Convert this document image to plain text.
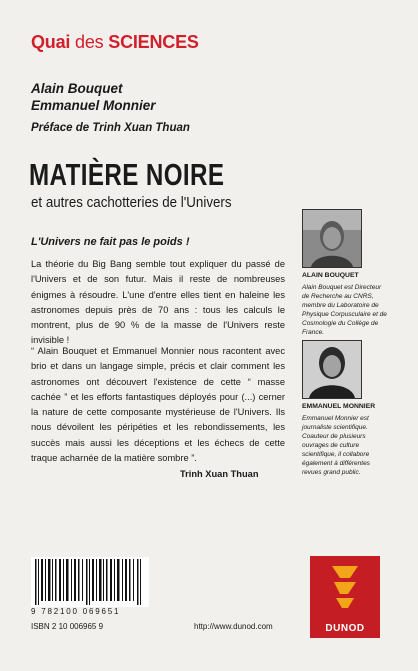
Quai des SCIENCES
Alain Bouquet
Emmanuel Monnier
Préface de Trinh Xuan Thuan
MATIÈRE NOIRE
et autres cachotteries de l'Univers
L'Univers ne fait pas le poids !

La théorie du Big Bang semble tout expliquer du passé de l'Univers et de son futur. Mais il reste de nombreuses énigmes à résoudre. L'une d'entre elles tient en haleine les astronomes depuis près de 70 ans : tous les calculs le montrent, plus de 90 % de la masse de l'Univers reste invisible !

“ Alain Bouquet et Emmanuel Monnier nous racontent avec brio et dans un langage simple, précis et clair comment les astronomes ont découvert l'existence de cette “ masse cachée ” et les efforts fantastiques déployés pour (...) cerner la nature de cette composante mystérieuse de l'Univers. Ils nous dévoilent les péripéties et les rebondissements, les succès mais aussi les déceptions et les échecs de cette traque acharnée de la matière sombre ”.

Trinh Xuan Thuan
ALAIN BOUQUET
Alain Bouquet est Directeur de Recherche au CNRS, membre du Laboratoire de Physique Corpusculaire et de Cosmologie du Collège de France.
EMMANUEL MONNIER
Emmanuel Monnier est journaliste scientifique. Coauteur de plusieurs ouvrages de culture scientifique, il collabore également à différentes revues grand public.
9 782100 069651
ISBN 2 10 006965 9	http://www.dunod.com	DUNOD
